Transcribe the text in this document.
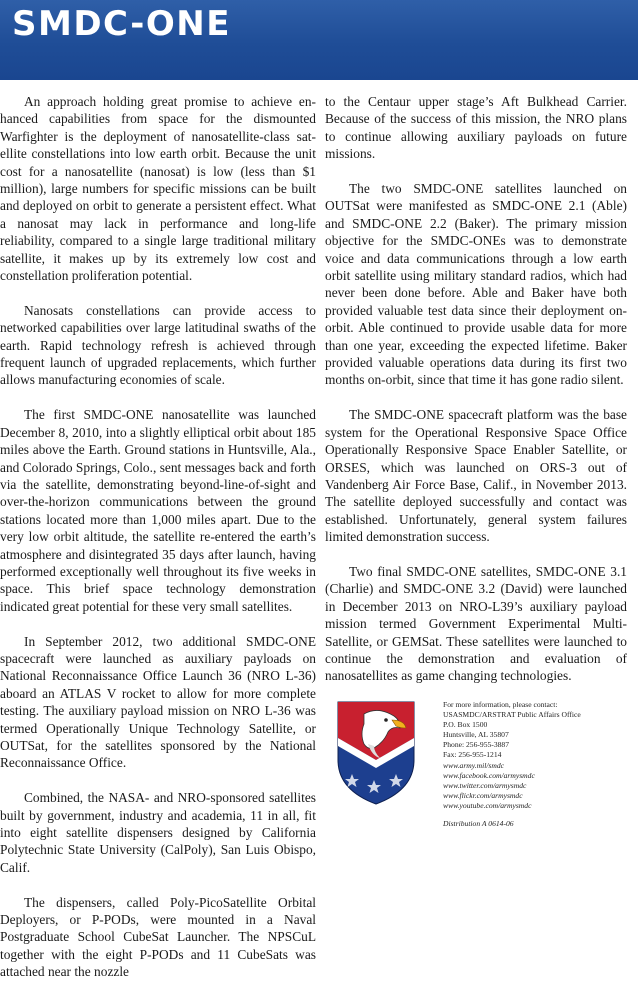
SMDC-ONE

An approach holding great promise to achieve enhanced capabilities from space for the dismounted Warfighter is the deployment of nanosatellite-class satellite constellations into low earth orbit. Because the unit cost for a nanosatellite (nanosat) is low (less than $1 million), large numbers for specific missions can be built and deployed on orbit to generate a persistent effect. What a nanosat may lack in performance and long-life reliability, compared to a single large traditional military satellite, it makes up by its extremely low cost and constellation proliferation potential.

Nanosats constellations can provide access to networked capabilities over large latitudinal swaths of the earth. Rapid technology refresh is achieved through frequent launch of upgraded replacements, which further allows manufacturing economies of scale.

The first SMDC-ONE nanosatellite was launched December 8, 2010, into a slightly elliptical orbit about 185 miles above the Earth. Ground stations in Huntsville, Ala., and Colorado Springs, Colo., sent messages back and forth via the satellite, demonstrating beyond-line-of-sight and over-the-horizon communications between the ground stations located more than 1,000 miles apart. Due to the very low orbit altitude, the satellite re-entered the earth’s atmosphere and disintegrated 35 days after launch, having performed exceptionally well throughout its five weeks in space. This brief space technology demonstration indicated great potential for these very small satellites.

In September 2012, two additional SMDC-ONE spacecraft were launched as auxiliary payloads on National Reconnaissance Office Launch 36 (NRO L-36) aboard an ATLAS V rocket to allow for more complete testing. The auxiliary payload mission on NRO L-36 was termed Operationally Unique Technology Satellite, or OUTSat, for the satellites sponsored by the National Reconnaissance Office.

Combined, the NASA- and NRO-sponsored satellites built by government, industry and academia, 11 in all, fit into eight satellite dispensers designed by California Polytechnic State University (CalPoly), San Luis Obispo, Calif.

The dispensers, called Poly-PicoSatellite Orbital Deployers, or P-PODs, were mounted in a Naval Postgraduate School CubeSat Launcher. The NPSCuL together with the eight P-PODs and 11 CubeSats was attached near the nozzle

to the Centaur upper stage’s Aft Bulkhead Carrier. Because of the success of this mission, the NRO plans to continue allowing auxiliary payloads on future missions.

The two SMDC-ONE satellites launched on OUTSat were manifested as SMDC-ONE 2.1 (Able) and SMDC-ONE 2.2 (Baker). The primary mission objective for the SMDC-ONEs was to demonstrate voice and data communications through a low earth orbit satellite using military standard radios, which had never been done before. Able and Baker have both provided valuable test data since their deployment on-orbit. Able continued to provide usable data for more than one year, exceeding the expected lifetime. Baker provided valuable operations data during its first two months on-orbit, since that time it has gone radio silent.

The SMDC-ONE spacecraft platform was the base system for the Operational Responsive Space Office Operationally Responsive Space Enabler Satellite, or ORSES, which was launched on ORS-3 out of Vandenberg Air Force Base, Calif., in November 2013. The satellite deployed successfully and contact was established. Unfortunately, general system failures limited demonstration success.

Two final SMDC-ONE satellites, SMDC-ONE 3.1 (Charlie) and SMDC-ONE 3.2 (David) were launched in December 2013 on NRO-L39’s auxiliary payload mission termed Government Experimental Multi-Satellite, or GEMSat. These satellites were launched to continue the demonstration and evaluation of nanosatellites as game changing technologies.

For more information, please contact:
USASMDC/ARSTRAT Public Affairs Office
P.O. Box 1500
Huntsville, AL 35807
Phone: 256-955-3887
Fax: 256-955-1214
www.army.mil/smdc
www.facebook.com/armysmdc
www.twitter.com/armysmdc
www.flickr.com/armysmdc
www.youtube.com/armysmdc
Distribution A 0614-06
